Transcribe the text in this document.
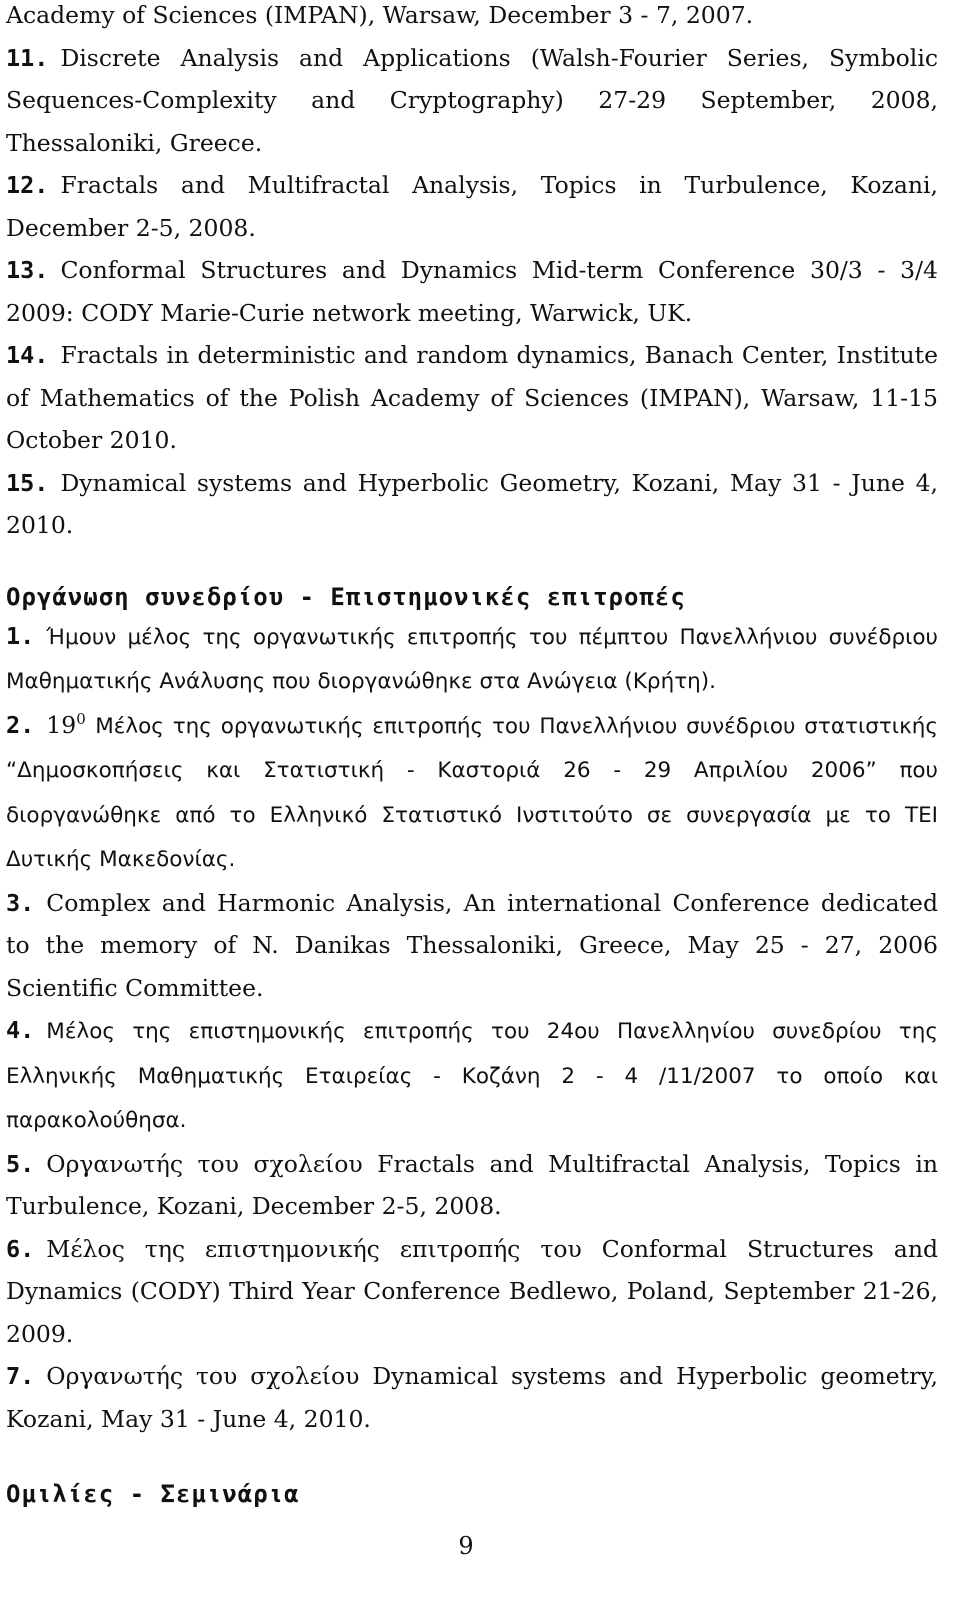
Academy of Sciences (IMPAN), Warsaw, December 3 - 7, 2007.

11. Discrete Analysis and Applications (Walsh-Fourier Series, Symbolic Sequences-Complexity and Cryptography) 27-29 September, 2008, Thessaloniki, Greece.

12. Fractals and Multifractal Analysis, Topics in Turbulence, Kozani, December 2-5, 2008.

13. Conformal Structures and Dynamics Mid-term Conference 30/3 - 3/4 2009: CODY Marie-Curie network meeting, Warwick, UK.

14. Fractals in deterministic and random dynamics, Banach Center, Institute of Mathematics of the Polish Academy of Sciences (IMPAN), Warsaw, 11-15 October 2010.

15. Dynamical systems and Hyperbolic Geometry, Kozani, May 31 - June 4, 2010.

Οργάνωση συνεδρίου - Επιστημονικές επιτροπές

1. Ήμουν μέλος της οργανωτικής επιτροπής του πέμπτου Πανελλήνιου συνέδριου Μαθηματικής Ανάλυσης που διοργανώθηκε στα Ανώγεια (Κρήτη).

2. $19^0$ Μέλος της οργανωτικής επιτροπής του Πανελλήνιου συνέδριου στατιστικής “Δημοσκοπήσεις και Στατιστική - Καστοριά 26 - 29 Απριλίου 2006” που διοργανώθηκε από το Ελληνικό Στατιστικό Ινστιτούτο σε συνεργασία με το ΤΕΙ Δυτικής Μακεδονίας.

3. Complex and Harmonic Analysis, An international Conference dedicated to the memory of N. Danikas Thessaloniki, Greece, May 25 - 27, 2006 Scientific Committee.

4. Μέλος της επιστημονικής επιτροπής του 24ου Πανελληνίου συνεδρίου της Ελληνικής Μαθηματικής Εταιρείας - Κοζάνη 2 - 4 /11/2007 το οποίο και παρακολούθησα.

5. Οργανωτής του σχολείου Fractals and Multifractal Analysis, Topics in Turbulence, Kozani, December 2-5, 2008.

6. Μέλος της επιστημονικής επιτροπής του Conformal Structures and Dynamics (CODY) Third Year Conference Bedlewo, Poland, September 21-26, 2009.

7. Οργανωτής του σχολείου Dynamical systems and Hyperbolic geometry, Kozani, May 31 - June 4, 2010.

Ομιλίες - Σεμινάρια
9
